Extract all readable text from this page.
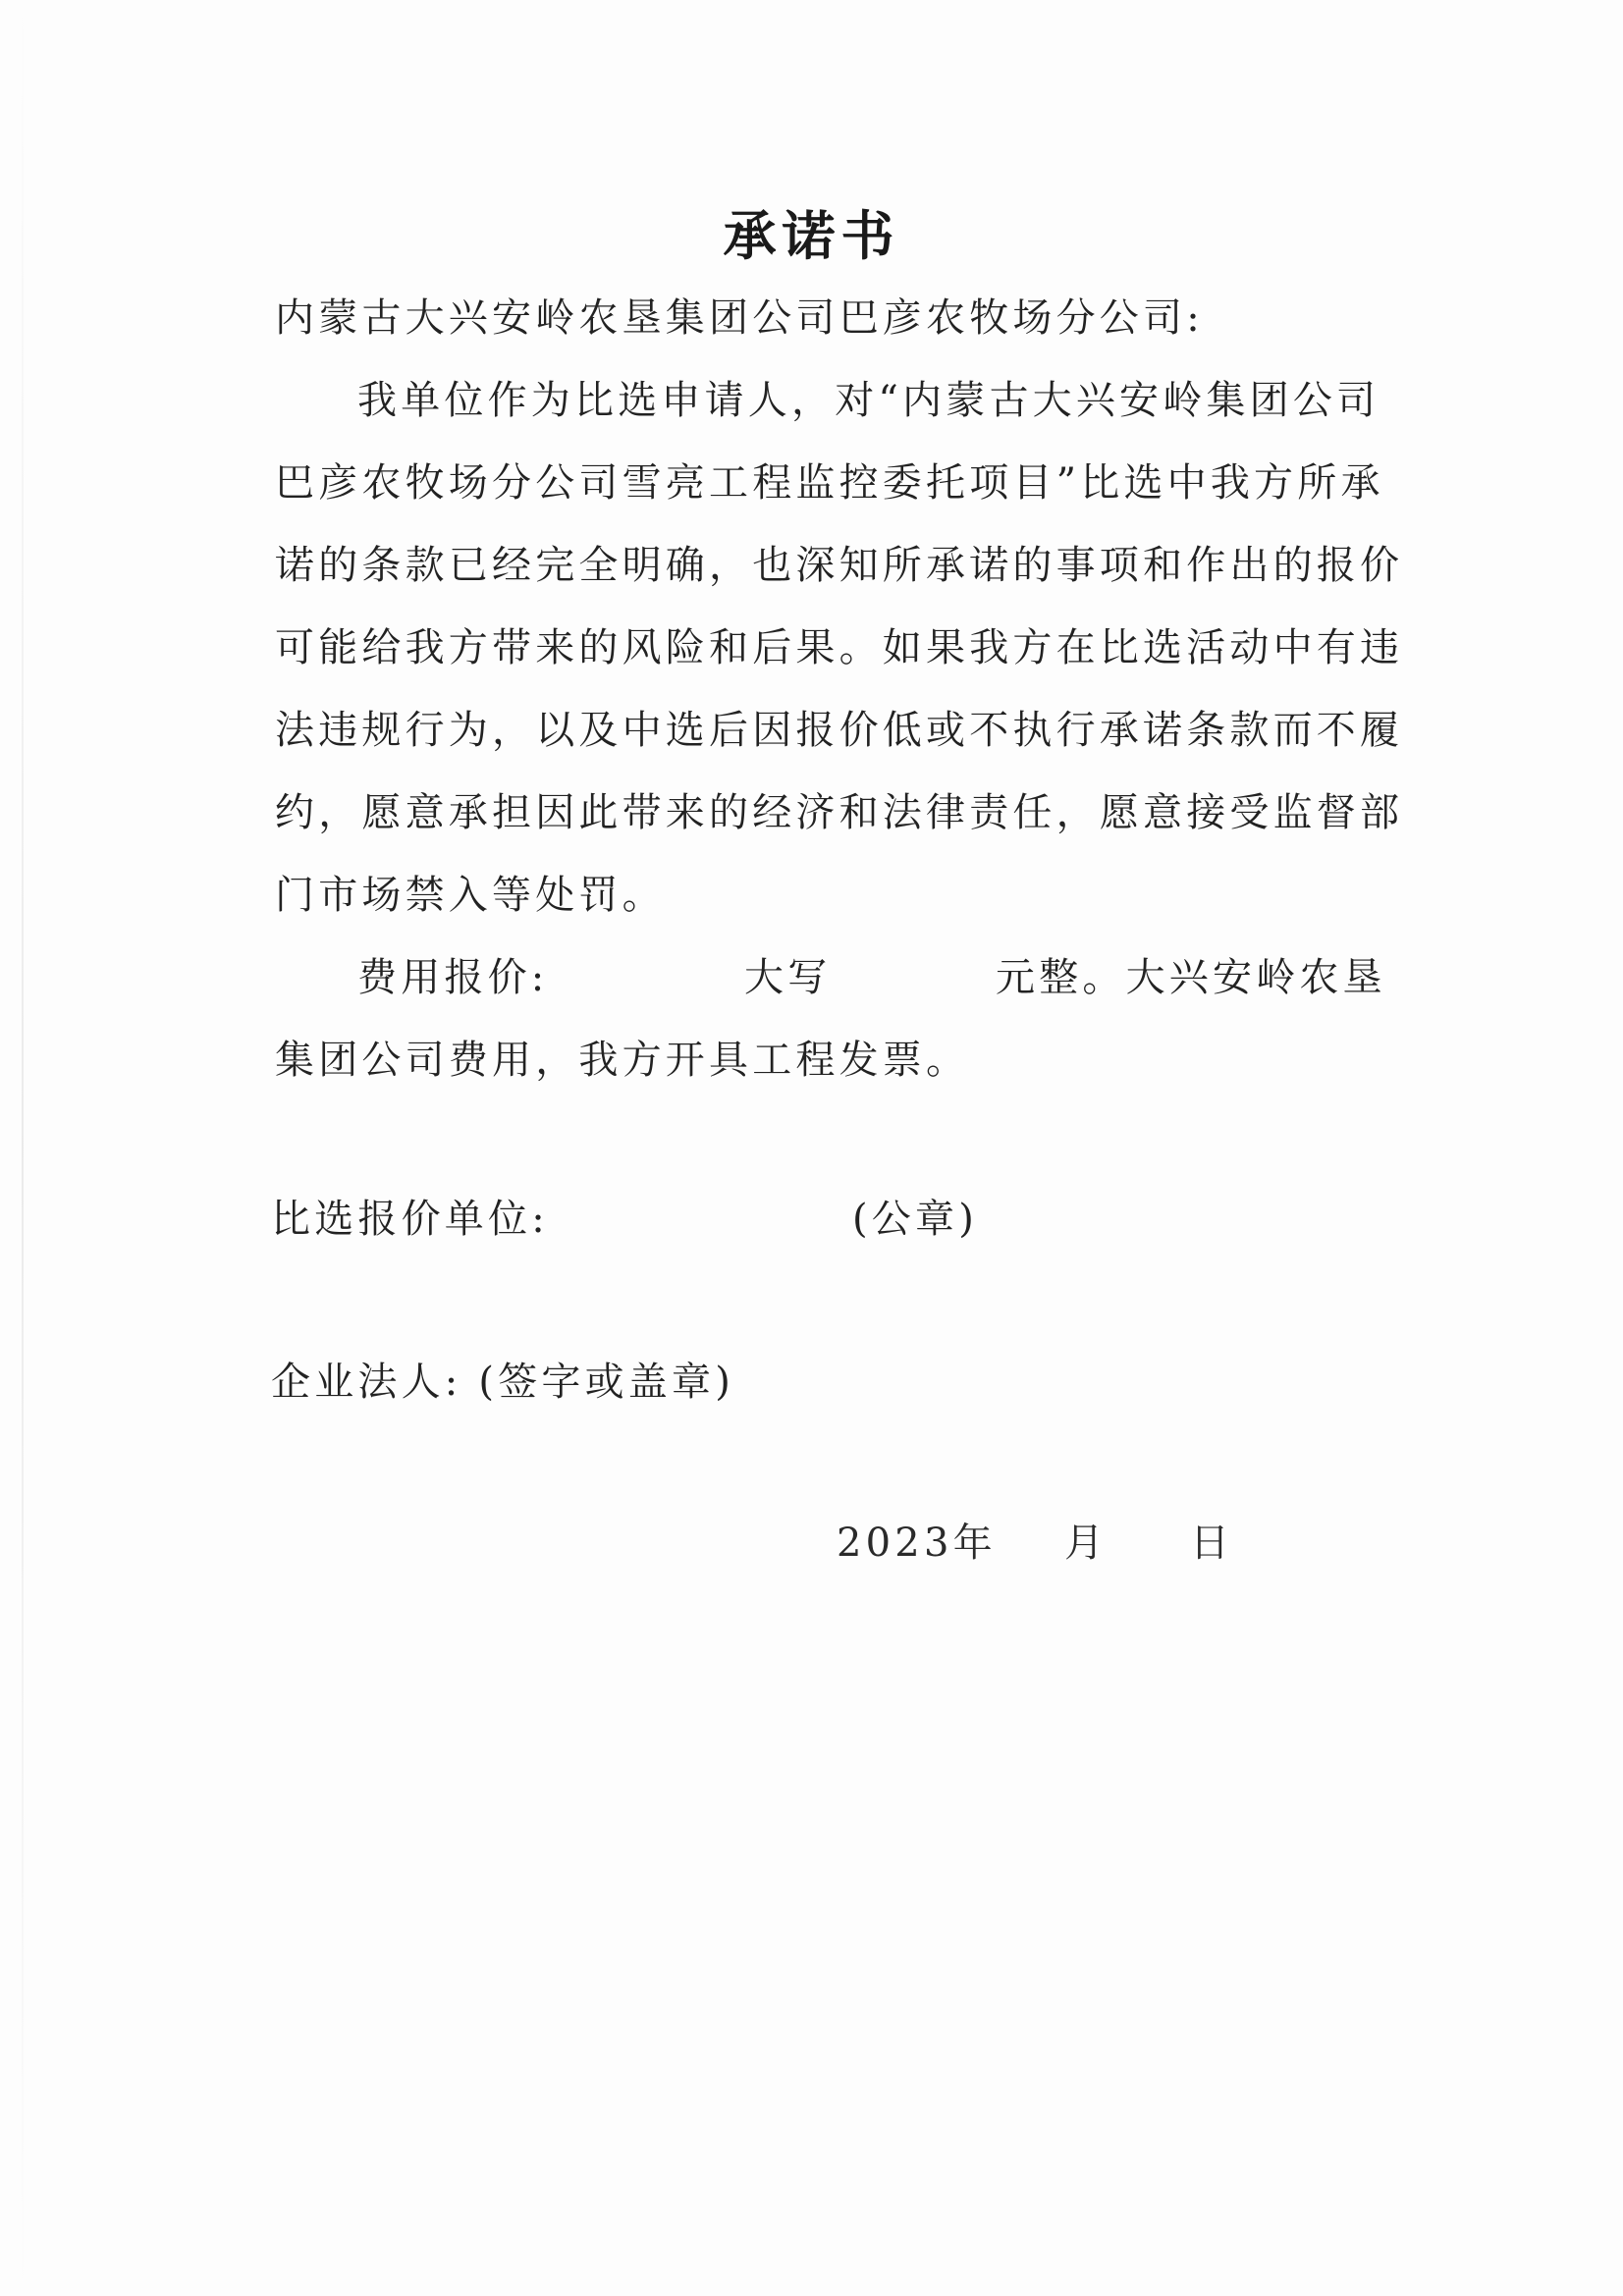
承诺书
内蒙古大兴安岭农垦集团公司巴彦农牧场分公司:
我单位作为比选申请人，对“内蒙古大兴安岭集团公司
巴彦农牧场分公司雪亮工程监控委托项目”比选中我方所承
诺的条款已经完全明确，也深知所承诺的事项和作出的报价
可能给我方带来的风险和后果。如果我方在比选活动中有违
法违规行为，以及中选后因报价低或不执行承诺条款而不履
约，愿意承担因此带来的经济和法律责任，愿意接受监督部
门市场禁入等处罚。
费用报价:	大写	元整。大兴安岭农垦
集团公司费用，我方开具工程发票。
比选报价单位:	(公章)
企业法人: (签字或盖章)
2023年 月 日
